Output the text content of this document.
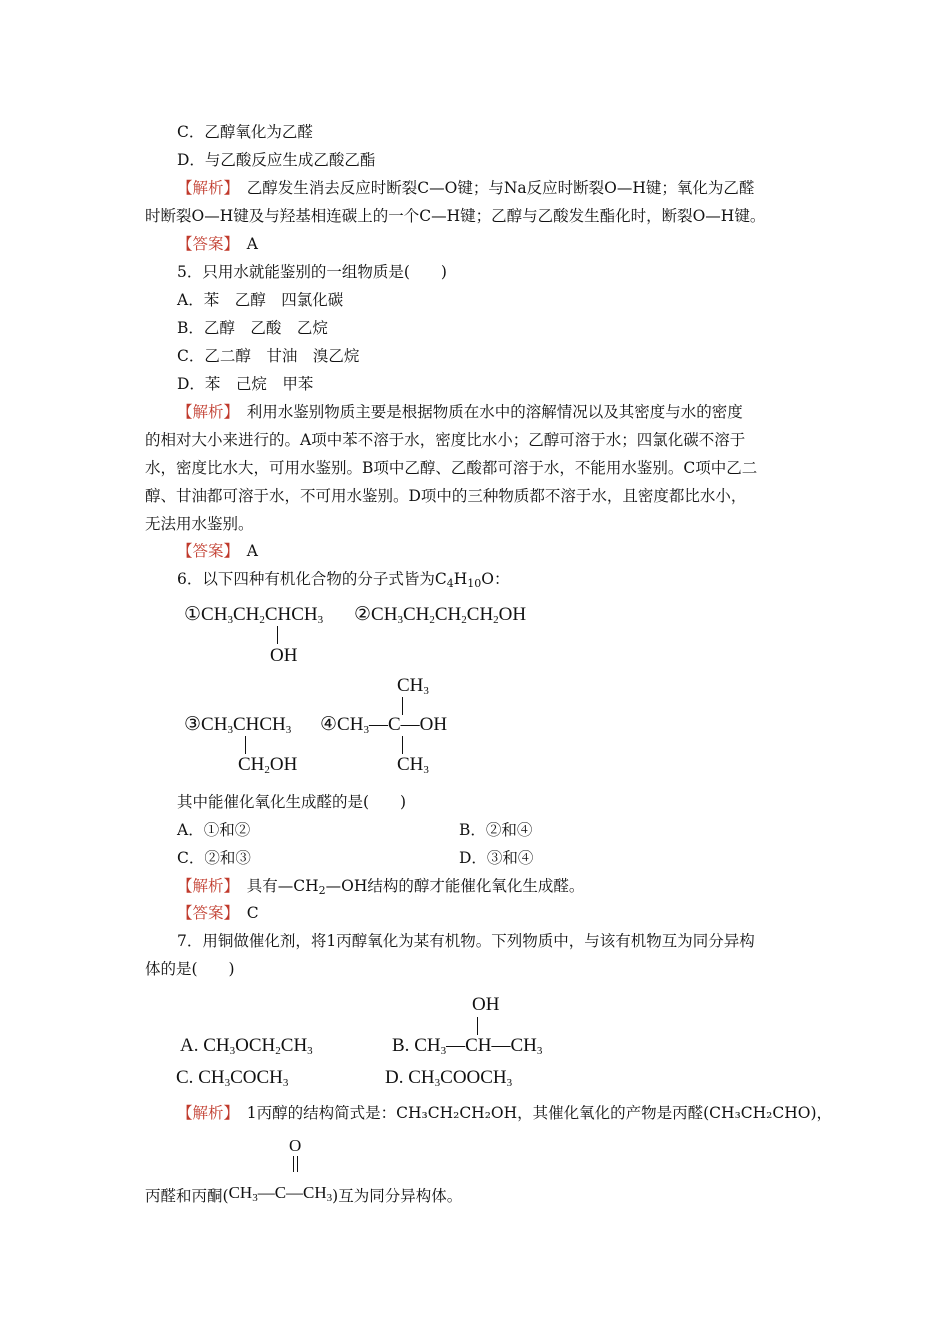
C．乙醇氧化为乙醛
D．与乙酸反应生成乙酸乙酯
【解析】　 乙醇发生消去反应时断裂C—O键；与Na反应时断裂O—H键；氧化为乙醛
时断裂O—H键及与羟基相连碳上的一个C—H键；乙醇与乙酸发生酯化时，断裂O—H键。
【答案】　 A
5．只用水就能鉴别的一组物质是(　　)
A．苯　乙醇　四氯化碳
B．乙醇　乙酸　乙烷
C．乙二醇　甘油　溴乙烷
D．苯　己烷　甲苯
【解析】　 利用水鉴别物质主要是根据物质在水中的溶解情况以及其密度与水的密度
的相对大小来进行的。A项中苯不溶于水，密度比水小；乙醇可溶于水；四氯化碳不溶于
水，密度比水大，可用水鉴别。B项中乙醇、乙酸都可溶于水，不能用水鉴别。C项中乙二
醇、甘油都可溶于水，不可用水鉴别。D项中的三种物质都不溶于水，且密度都比水小，
无法用水鉴别。
【答案】　 A
6．以下四种有机化合物的分子式皆为$C_4H_{10}O$：
$①CH_3CH_2CHCH_3$
OH
$②CH_3CH_2CH_2CH_2OH$
$③CH_3CHCH_3$
$CH_2OH$
$CH_3$
$④CH_3—C—OH$
$CH_3$
其中能催化氧化生成醛的是(　　)
A．①和②	B．②和④
C．②和③	D．③和④
【解析】　 具有$—CH_2—OH$结构的醇才能催化氧化生成醛。
【答案】　 C
7．用铜做催化剂，将1丙醇氧化为某有机物。下列物质中，与该有机物互为同分异构
体的是(　　)
OH
A. $CH_3OCH_2CH_3$	B. $CH_3—CH—CH_3$
C. $CH_3COCH_3$	D. $CH_3COOCH_3$
【解析】　 1丙醇的结构简式是：CH₃CH₂CH₂OH，其催化氧化的产物是丙醛(CH₃CH₂CHO)，
O
丙醛和丙酮$(CH_3—C—CH_3)$互为同分异构体。
